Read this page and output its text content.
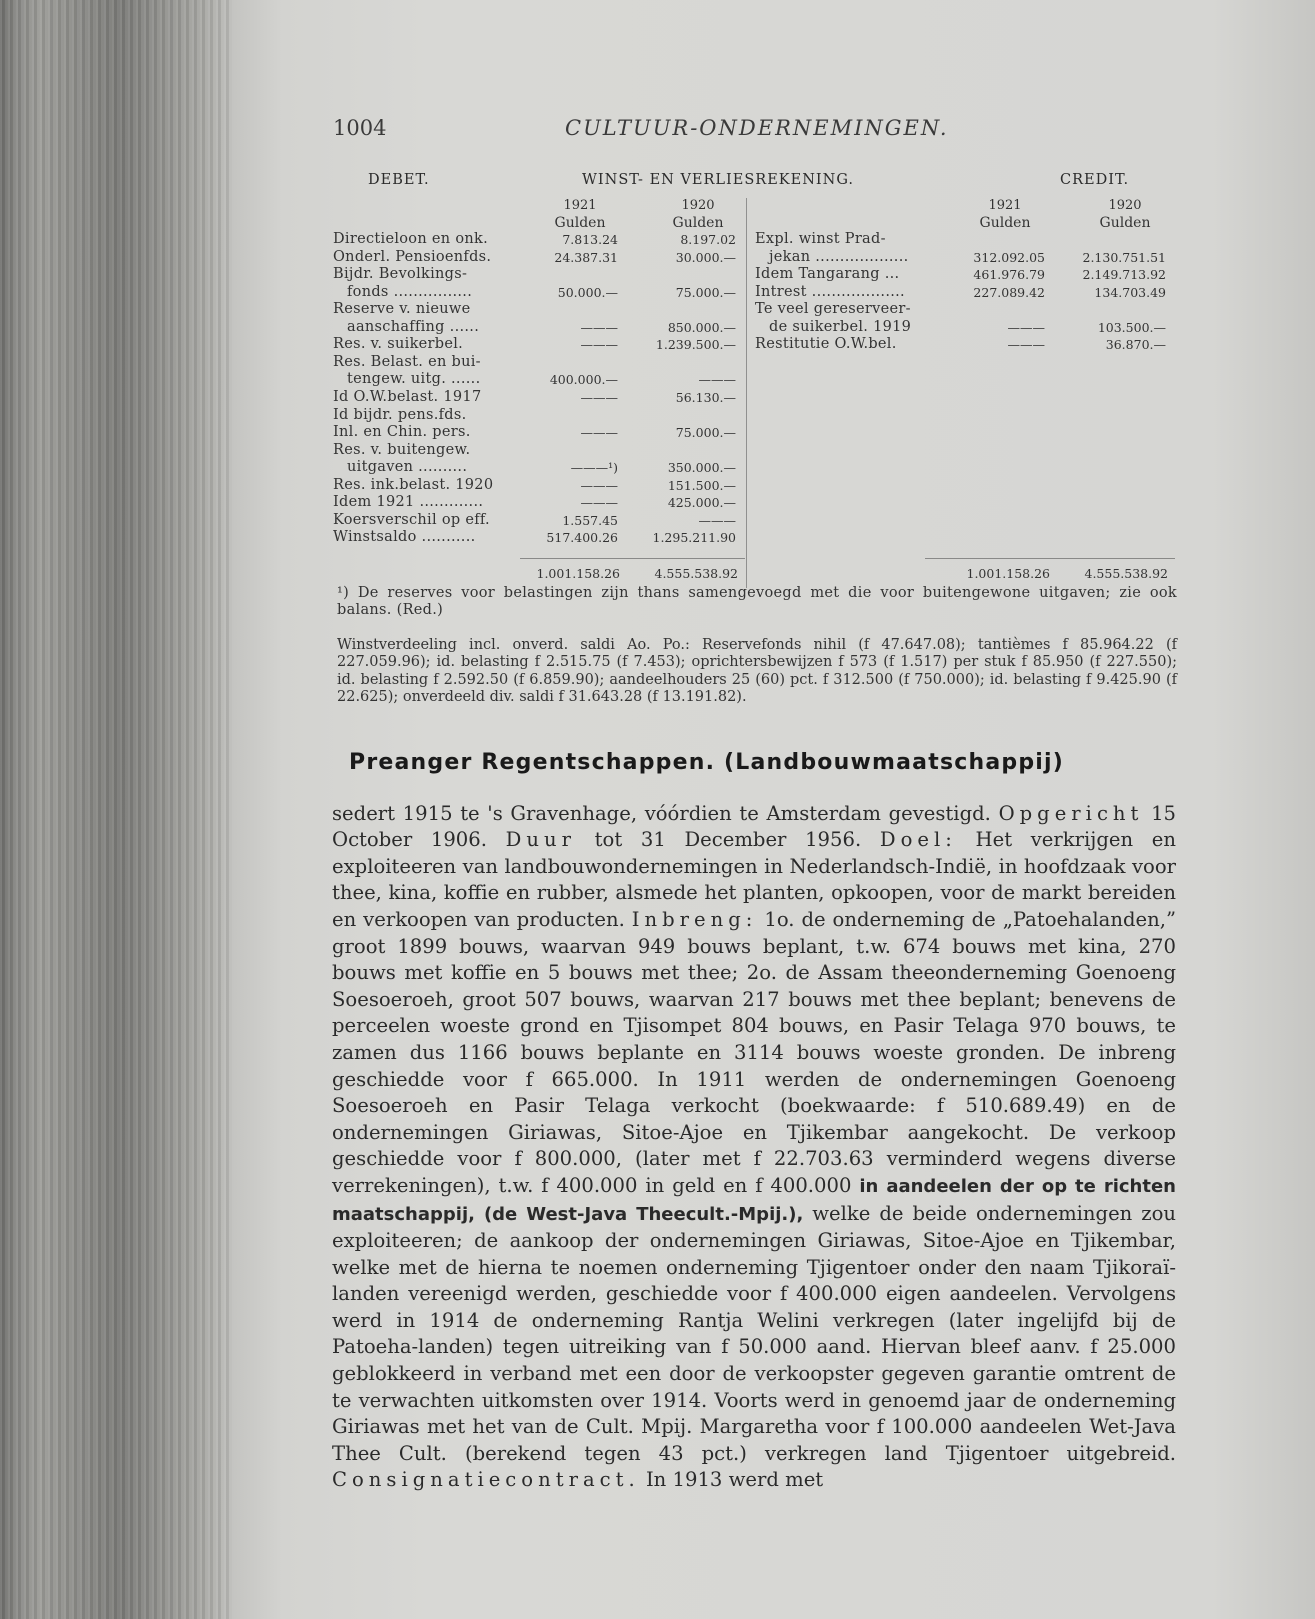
1004	CULTUUR-ONDERNEMINGEN.
DEBET.	WINST- EN VERLIESREKENING.	CREDIT.
1921	1920
Gulden	Gulden
1921	1920
Gulden	Gulden
Directieloon en onk.	7.813.24	8.197.02
Onderl. Pensioenfds.	24.387.31	30.000.—
Bijdr. Bevolkings-
fonds ................	50.000.—	75.000.—
Reserve v. nieuwe
aanschaffing ......	———	850.000.—
Res. v. suikerbel.	———	1.239.500.—
Res. Belast. en bui-
tengew. uitg. ......	400.000.—	———
Id O.W.belast. 1917	———	56.130.—
Id bijdr. pens.fds.
Inl. en Chin. pers.	———	75.000.—
Res. v. buitengew.
uitgaven ..........	———¹)	350.000.—
Res. ink.belast. 1920	———	151.500.—
Idem 1921 .............	———	425.000.—
Koersverschil op eff.	1.557.45	———
Winstsaldo ...........	517.400.26	1.295.211.90
Expl. winst Prad-
jekan ...................	312.092.05	2.130.751.51
Idem Tangarang ...	461.976.79	2.149.713.92
Intrest ...................	227.089.42	134.703.49
Te veel gereserveer-
de suikerbel. 1919	———	103.500.—
Restitutie O.W.bel.	———	36.870.—
1.001.158.26	4.555.538.92	1.001.158.26	4.555.538.92
¹) De reserves voor belastingen zijn thans samengevoegd met die voor buitengewone uitgaven; zie ook balans. (Red.)
Winstverdeeling incl. onverd. saldi Ao. Po.: Reservefonds nihil (f 47.647.08); tantièmes f 85.964.22 (f 227.059.96); id. belasting f 2.515.75 (f 7.453); oprichtersbewijzen f 573 (f 1.517) per stuk f 85.950 (f 227.550); id. belasting f 2.592.50 (f 6.859.90); aandeelhouders 25 (60) pct. f 312.500 (f 750.000); id. belasting f 9.425.90 (f 22.625); onverdeeld div. saldi f 31.643.28 (f 13.191.82).
Preanger Regentschappen. (Landbouwmaatschappij)
sedert 1915 te 's Gravenhage, vóórdien te Amsterdam gevestigd. Opgericht 15 October 1906. Duur tot 31 December 1956. Doel: Het verkrijgen en exploiteeren van landbouwondernemingen in Nederlandsch-Indië, in hoofdzaak voor thee, kina, koffie en rubber, alsmede het planten, opkoopen, voor de markt bereiden en verkoopen van producten. Inbreng: 1o. de onderneming de „Patoehalanden,” groot 1899 bouws, waarvan 949 bouws beplant, t.w. 674 bouws met kina, 270 bouws met koffie en 5 bouws met thee; 2o. de Assam theeonderneming Goenoeng Soesoeroeh, groot 507 bouws, waarvan 217 bouws met thee beplant; benevens de perceelen woeste grond en Tjisompet 804 bouws, en Pasir Telaga 970 bouws, te zamen dus 1166 bouws beplante en 3114 bouws woeste gronden. De inbreng geschiedde voor f 665.000. In 1911 werden de ondernemingen Goenoeng Soesoeroeh en Pasir Telaga verkocht (boekwaarde: f 510.689.49) en de ondernemingen Giriawas, Sitoe-Ajoe en Tjikembar aangekocht. De verkoop geschiedde voor f 800.000, (later met f 22.703.63 verminderd wegens diverse verrekeningen), t.w. f 400.000 in geld en f 400.000 in aandeelen der op te richten maatschappij, (de West-Java Theecult.-Mpij.), welke de beide ondernemingen zou exploiteeren; de aankoop der ondernemingen Giriawas, Sitoe-Ajoe en Tjikembar, welke met de hierna te noemen onderneming Tjigentoer onder den naam Tjikoraï-landen vereenigd werden, geschiedde voor f 400.000 eigen aandeelen. Vervolgens werd in 1914 de onderneming Rantja Welini verkregen (later ingelijfd bij de Patoeha-landen) tegen uitreiking van f 50.000 aand. Hiervan bleef aanv. f 25.000 geblokkeerd in verband met een door de verkoopster gegeven garantie omtrent de te verwachten uitkomsten over 1914. Voorts werd in genoemd jaar de onderneming Giriawas met het van de Cult. Mpij. Margaretha voor f 100.000 aandeelen Wet-Java Thee Cult. (berekend tegen 43 pct.) verkregen land Tjigentoer uitgebreid. Consignatiecontract. In 1913 werd met
